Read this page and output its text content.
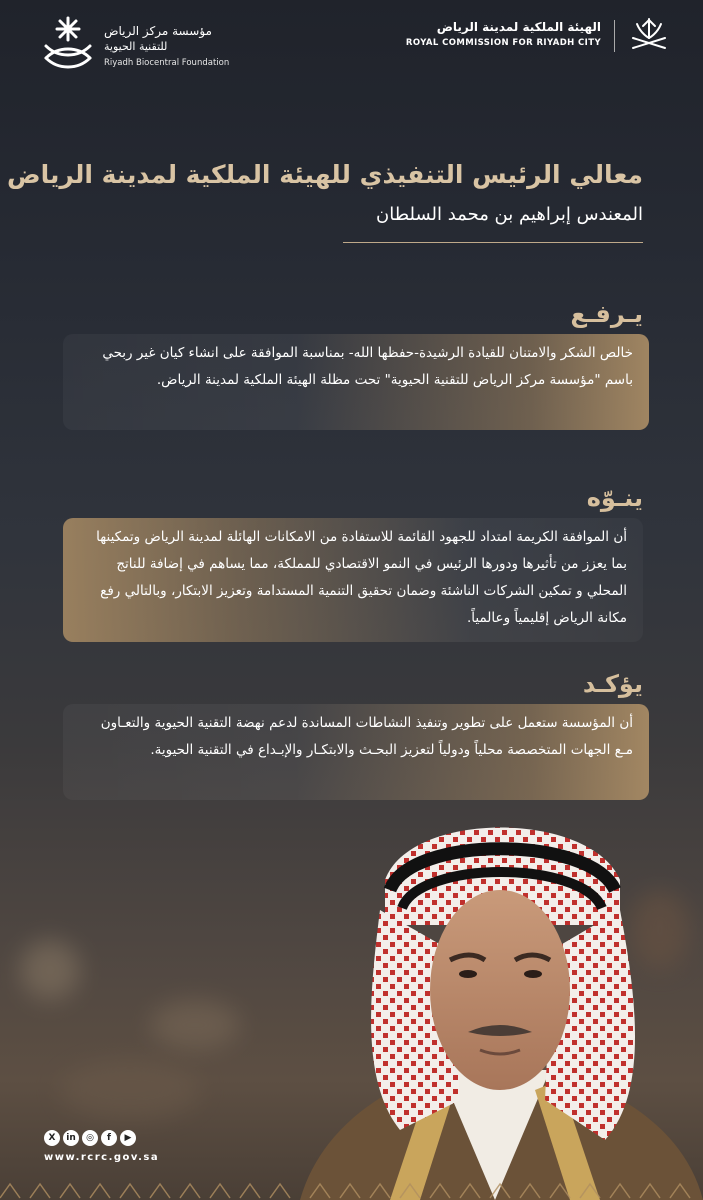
مؤسسة مركز الرياض
للتقنية الحيوية
Riyadh Biocentral Foundation
الهيئة الملكية لمدينة الرياض
ROYAL COMMISSION FOR RIYADH CITY
معالي الرئيس التنفيذي للهيئة الملكية لمدينة الرياض
المعندس إبراهيم بن محمد السلطان
يـرفـع
خالص الشكر والامتنان للقيادة الرشيدة-حفظها الله- بمناسبة الموافقة على انشاء كيان غير ربحي باسم "مؤسسة مركز الرياض للتقنية الحيوية" تحت مظلة الهيئة الملكية لمدينة الرياض.
ينـوّه
أن الموافقة الكريمة امتداد للجهود القائمة للاستفادة من الامكانات الهائلة لمدينة الرياض وتمكينها بما يعزز من تأثيرها ودورها الرئيس في النمو الاقتصادي للمملكة، مما يساهم في إضافة للناتج المحلي و تمكين الشركات الناشئة وضمان تحقيق التنمية المستدامة وتعزيز الابتكار، وبالتالي رفع مكانة الرياض إقليمياً وعالمياً.
يؤكـد
أن المؤسسة ستعمل على تطوير وتنفيذ النشاطات المساندة لدعم نهضة التقنية الحيوية والتعـاون مـع الجهات المتخصصة محلياً ودولياً لتعزيز البحـث والابتكـار والإبـداع في التقنية الحيوية.
X	in	◎	f	▶
www.rcrc.gov.sa
